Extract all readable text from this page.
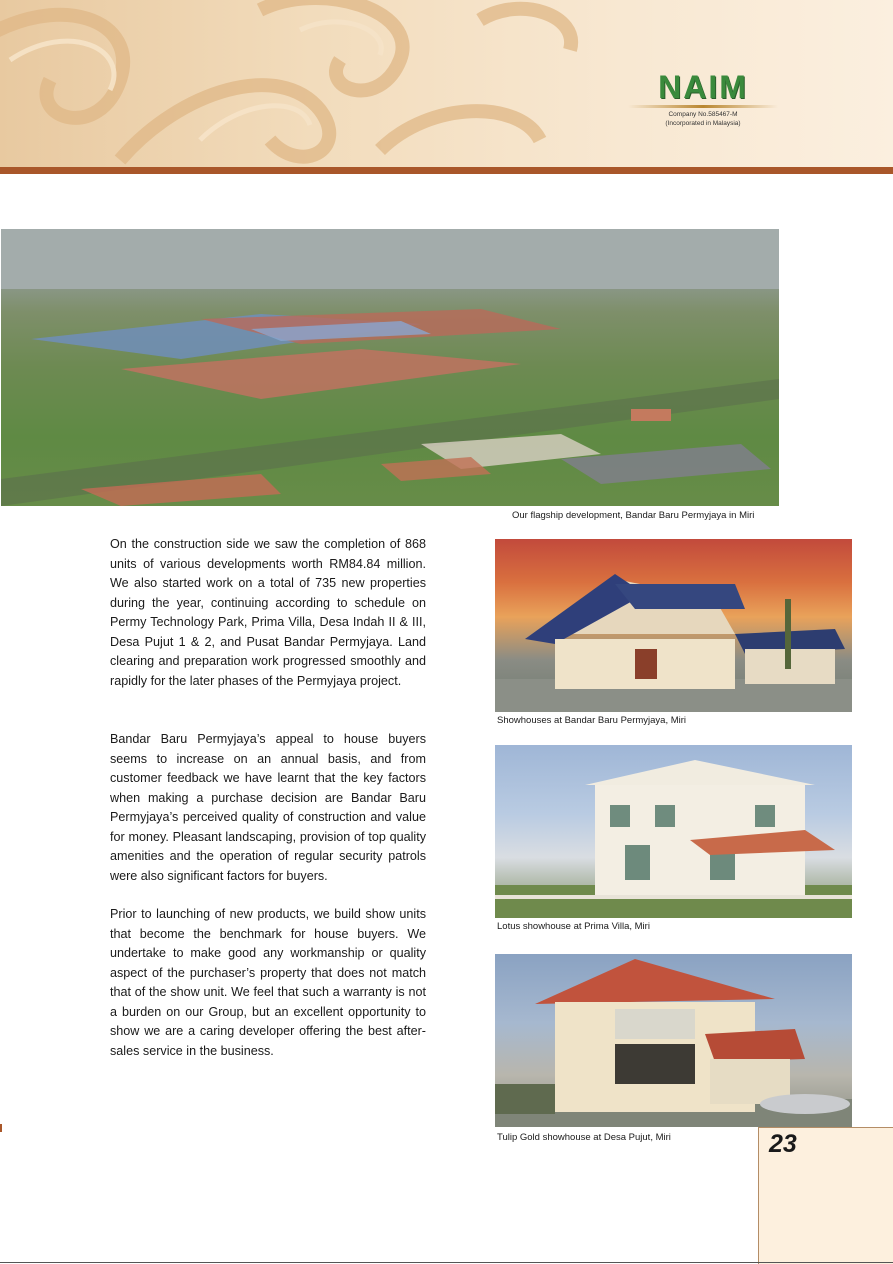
NAIM
Company No.585467-M
(Incorporated in Malaysia)
Our flagship development, Bandar Baru Permyjaya in Miri

On the construction side we saw the completion of 868 units of various developments worth RM84.84 million. We also started work on a total of 735 new properties during the year, continuing according to schedule on Permy Technology Park, Prima Villa, Desa Indah II & III, Desa Pujut 1 & 2, and Pusat Bandar Permyjaya. Land clearing and preparation work progressed smoothly and rapidly for the later phases of the Permyjaya project.

Bandar Baru Permyjaya’s appeal to house buyers seems to increase on an annual basis, and from customer feedback we have learnt that the key factors when making a purchase decision are Bandar Baru Permyjaya’s perceived quality of construction and value for money. Pleasant landscaping, provision of top quality amenities and the operation of regular security patrols were also significant factors for buyers.

Prior to launching of new products, we build show units that become the benchmark for house buyers. We undertake to make good any workmanship or quality aspect of the purchaser’s property that does not match that of the show unit. We feel that such a warranty is not a burden on our Group, but an excellent opportunity to show we are a caring developer offering the best after-sales service in the business.

Showhouses at Bandar Baru Permyjaya, Miri
Lotus showhouse at Prima Villa, Miri
Tulip Gold showhouse at Desa Pujut, Miri	23
